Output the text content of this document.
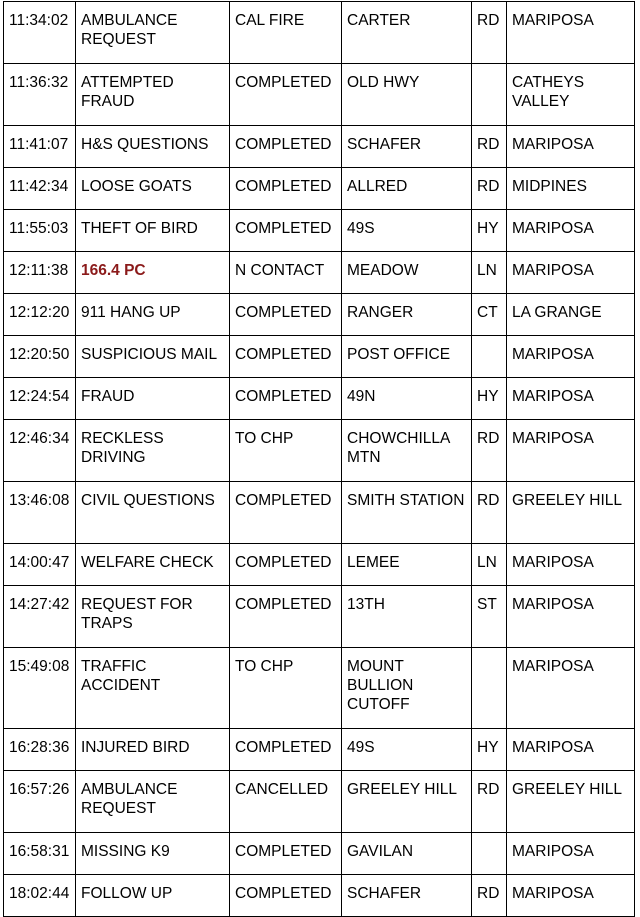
11:34:02	AMBULANCE REQUEST	CAL FIRE	CARTER	RD	MARIPOSA
11:36:32	ATTEMPTED FRAUD	COMPLETED	OLD HWY		CATHEYS VALLEY
11:41:07	H&S QUESTIONS	COMPLETED	SCHAFER	RD	MARIPOSA
11:42:34	LOOSE GOATS	COMPLETED	ALLRED	RD	MIDPINES
11:55:03	THEFT OF BIRD	COMPLETED	49S	HY	MARIPOSA
12:11:38	166.4 PC	N CONTACT	MEADOW	LN	MARIPOSA
12:12:20	911 HANG UP	COMPLETED	RANGER	CT	LA GRANGE
12:20:50	SUSPICIOUS MAIL	COMPLETED	POST OFFICE		MARIPOSA
12:24:54	FRAUD	COMPLETED	49N	HY	MARIPOSA
12:46:34	RECKLESS DRIVING	TO CHP	CHOWCHILLA MTN	RD	MARIPOSA
13:46:08	CIVIL QUESTIONS	COMPLETED	SMITH STATION	RD	GREELEY HILL
14:00:47	WELFARE CHECK	COMPLETED	LEMEE	LN	MARIPOSA
14:27:42	REQUEST FOR TRAPS	COMPLETED	13TH	ST	MARIPOSA
15:49:08	TRAFFIC ACCIDENT	TO CHP	MOUNT BULLION CUTOFF		MARIPOSA
16:28:36	INJURED BIRD	COMPLETED	49S	HY	MARIPOSA
16:57:26	AMBULANCE REQUEST	CANCELLED	GREELEY HILL	RD	GREELEY HILL
16:58:31	MISSING K9	COMPLETED	GAVILAN		MARIPOSA
18:02:44	FOLLOW UP	COMPLETED	SCHAFER	RD	MARIPOSA
